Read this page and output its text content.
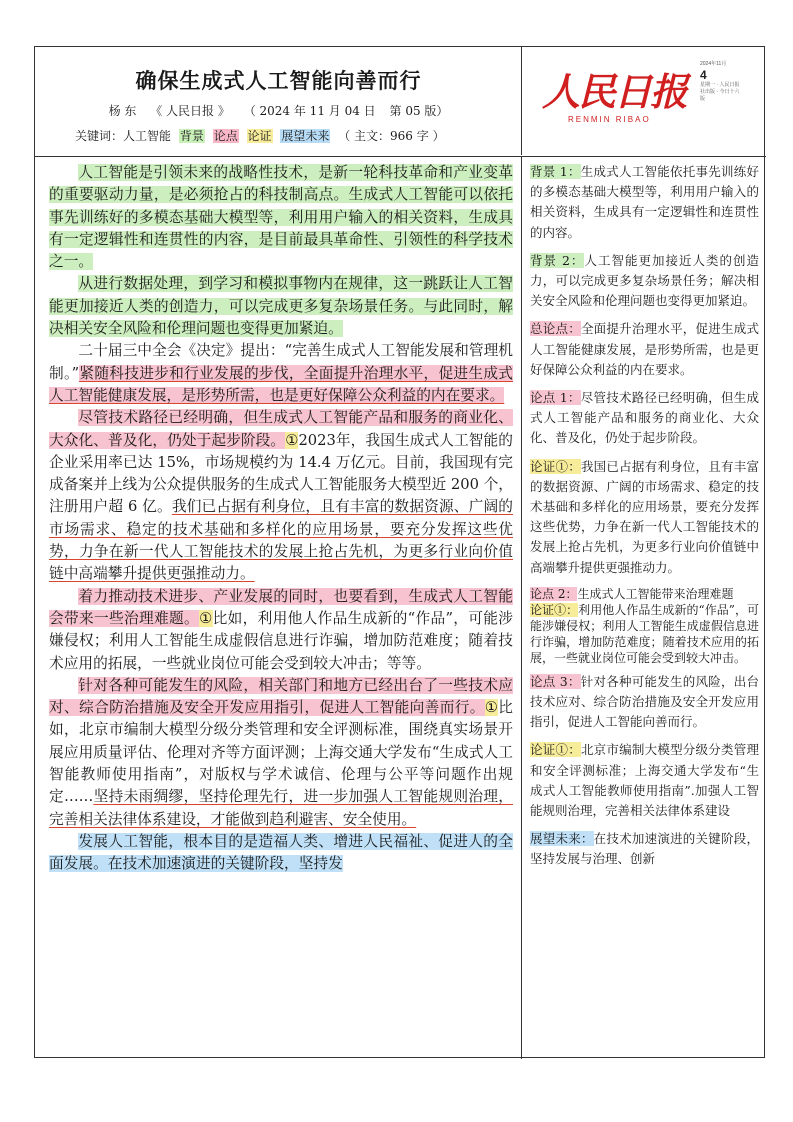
确保生成式人工智能向善而行
杨 东 《 人民日报 》 （ 2024 年 11 月 04 日 第 05 版）
关键词：人工智能 背景 论点 论证 展望未来 （ 主文：966 字 ）
人民日报
RENMIN RIBAO
2024年11月
4
星期一 · 人民日报社出版 · 今日十六版

人工智能是引领未来的战略性技术，是新一轮科技革命和产业变革的重要驱动力量，是必须抢占的科技制高点。生成式人工智能可以依托事先训练好的多模态基础大模型等，利用用户输入的相关资料，生成具有一定逻辑性和连贯性的内容，是目前最具革命性、引领性的科学技术之一。

从进行数据处理，到学习和模拟事物内在规律，这一跳跃让人工智能更加接近人类的创造力，可以完成更多复杂场景任务。与此同时，解决相关安全风险和伦理问题也变得更加紧迫。

二十届三中全会《决定》提出：“完善生成式人工智能发展和管理机制。”紧随科技进步和行业发展的步伐，全面提升治理水平，促进生成式人工智能健康发展，是形势所需，也是更好保障公众利益的内在要求。

尽管技术路径已经明确，但生成式人工智能产品和服务的商业化、大众化、普及化，仍处于起步阶段。①2023年，我国生成式人工智能的企业采用率已达 15%，市场规模约为 14.4 万亿元。目前，我国现有完成备案并上线为公众提供服务的生成式人工智能服务大模型近 200 个，注册用户超 6 亿。我们已占据有利身位，且有丰富的数据资源、广阔的市场需求、稳定的技术基础和多样化的应用场景，要充分发挥这些优势，力争在新一代人工智能技术的发展上抢占先机，为更多行业向价值链中高端攀升提供更强推动力。

着力推动技术进步、产业发展的同时，也要看到，生成式人工智能会带来一些治理难题。①比如，利用他人作品生成新的“作品”，可能涉嫌侵权；利用人工智能生成虚假信息进行诈骗，增加防范难度；随着技术应用的拓展，一些就业岗位可能会受到较大冲击；等等。

针对各种可能发生的风险，相关部门和地方已经出台了一些技术应对、综合防治措施及安全开发应用指引，促进人工智能向善而行。①比如，北京市编制大模型分级分类管理和安全评测标准，围绕真实场景开展应用质量评估、伦理对齐等方面评测；上海交通大学发布“生成式人工智能教师使用指南”，对版权与学术诚信、伦理与公平等问题作出规定……坚持未雨绸缪，坚持伦理先行，进一步加强人工智能规则治理，完善相关法律体系建设，才能做到趋利避害、安全使用。

发展人工智能，根本目的是造福人类、增进人民福祉、促进人的全面发展。在技术加速演进的关键阶段，坚持发

背景 1：生成式人工智能依托事先训练好的多模态基础大模型等，利用用户输入的相关资料，生成具有一定逻辑性和连贯性的内容。
背景 2：人工智能更加接近人类的创造力，可以完成更多复杂场景任务；解决相关安全风险和伦理问题也变得更加紧迫。
总论点：全面提升治理水平，促进生成式人工智能健康发展，是形势所需，也是更好保障公众利益的内在要求。
论点 1：尽管技术路径已经明确，但生成式人工智能产品和服务的商业化、大众化、普及化，仍处于起步阶段。
论证①：我国已占据有利身位，且有丰富的数据资源、广阔的市场需求、稳定的技术基础和多样化的应用场景，要充分发挥这些优势，力争在新一代人工智能技术的发展上抢占先机，为更多行业向价值链中高端攀升提供更强推动力。
论点 2：生成式人工智能带来治理难题
论证①：利用他人作品生成新的“作品”，可能涉嫌侵权；利用人工智能生成虚假信息进行诈骗，增加防范难度；随着技术应用的拓展，一些就业岗位可能会受到较大冲击。
论点 3：针对各种可能发生的风险，出台技术应对、综合防治措施及安全开发应用指引，促进人工智能向善而行。
论证①：北京市编制大模型分级分类管理和安全评测标准；上海交通大学发布“生成式人工智能教师使用指南”.加强人工智能规则治理，完善相关法律体系建设
展望未来：在技术加速演进的关键阶段，坚持发展与治理、创新
